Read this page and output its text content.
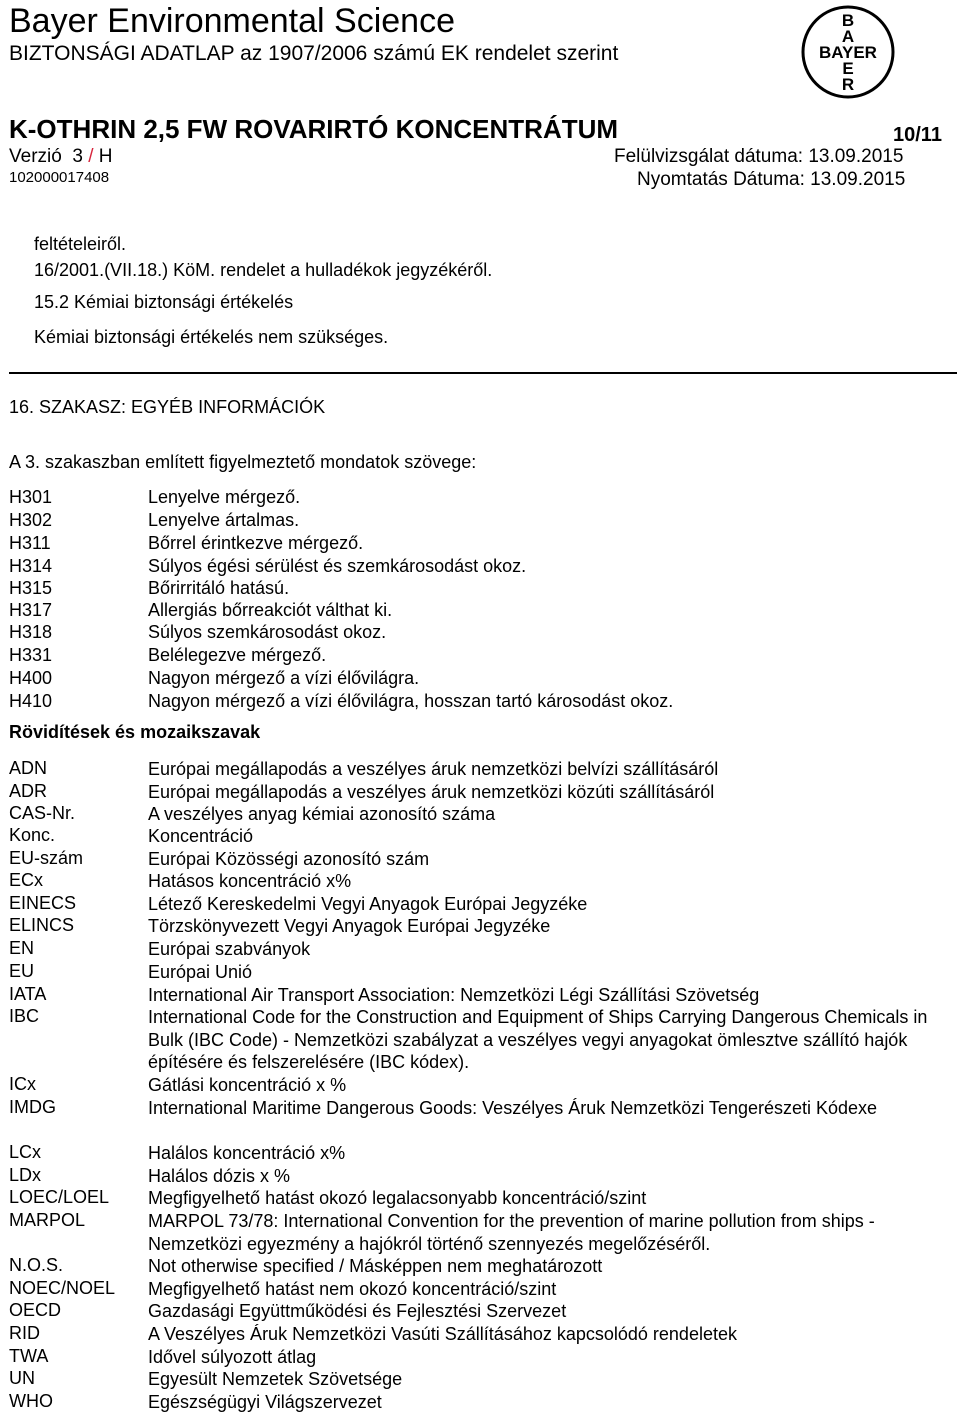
Bayer Environmental Science
BIZTONSÁGI ADATLAP az 1907/2006 számú EK rendelet szerint
B
A
BAYER
E
R
K-OTHRIN 2,5 FW ROVARIRTÓ KONCENTRÁTUM	10/11
Verzió 3 / H	Felülvizsgálat dátuma: 13.09.2015
102000017408	Nyomtatás Dátuma: 13.09.2015
feltételeiről.
16/2001.(VII.18.) KöM. rendelet a hulladékok jegyzékéről.
15.2 Kémiai biztonsági értékelés
Kémiai biztonsági értékelés nem szükséges.
16. SZAKASZ: EGYÉB INFORMÁCIÓK
A 3. szakaszban említett figyelmeztető mondatok szövege:
H301	Lenyelve mérgező.
H302	Lenyelve ártalmas.
H311	Bőrrel érintkezve mérgező.
H314	Súlyos égési sérülést és szemkárosodást okoz.
H315	Bőrirritáló hatású.
H317	Allergiás bőrreakciót válthat ki.
H318	Súlyos szemkárosodást okoz.
H331	Belélegezve mérgező.
H400	Nagyon mérgező a vízi élővilágra.
H410	Nagyon mérgező a vízi élővilágra, hosszan tartó károsodást okoz.
Rövidítések és mozaikszavak
ADN	Európai megállapodás a veszélyes áruk nemzetközi belvízi szállításáról
ADR	Európai megállapodás a veszélyes áruk nemzetközi közúti szállításáról
CAS-Nr.	A veszélyes anyag kémiai azonosító száma
Konc.	Koncentráció
EU-szám	Európai Közösségi azonosító szám
ECx	Hatásos koncentráció x%
EINECS	Létező Kereskedelmi Vegyi Anyagok Európai Jegyzéke
ELINCS	Törzskönyvezett Vegyi Anyagok Európai Jegyzéke
EN	Európai szabványok
EU	Európai Unió
IATA	International Air Transport Association: Nemzetközi Légi Szállítási Szövetség
IBC	International Code for the Construction and Equipment of Ships Carrying Dangerous Chemicals in Bulk (IBC Code) - Nemzetközi szabályzat a veszélyes vegyi anyagokat ömlesztve szállító hajók építésére és felszerelésére (IBC kódex).
ICx	Gátlási koncentráció x %
IMDG	International Maritime Dangerous Goods: Veszélyes Áruk Nemzetközi Tengerészeti Kódexe
LCx	Halálos koncentráció x%
LDx	Halálos dózis x %
LOEC/LOEL Megfigyelhető hatást okozó legalacsonyabb koncentráció/szint
MARPOL	MARPOL 73/78: International Convention for the prevention of marine pollution from ships - Nemzetközi egyezmény a hajókról történő szennyezés megelőzéséről.
N.O.S.	Not otherwise specified / Másképpen nem meghatározott
NOEC/NOEL Megfigyelhető hatást nem okozó koncentráció/szint
OECD	Gazdasági Együttműködési és Fejlesztési Szervezet
RID	A Veszélyes Áruk Nemzetközi Vasúti Szállításához kapcsolódó rendeletek
TWA	Idővel súlyozott átlag
UN	Egyesült Nemzetek Szövetsége
WHO	Egészségügyi Világszervezet
